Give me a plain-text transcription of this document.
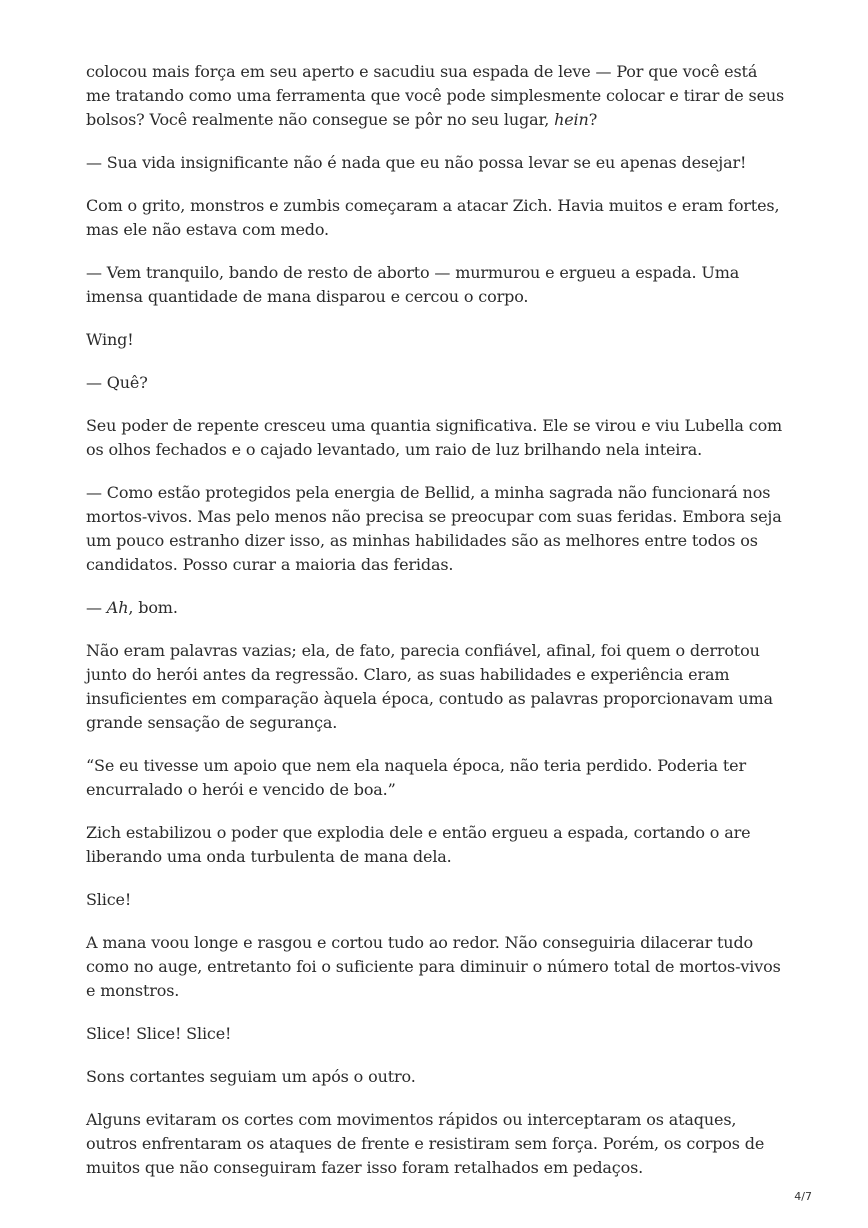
colocou mais força em seu aperto e sacudiu sua espada de leve — Por que você está me tratando como uma ferramenta que você pode simplesmente colocar e tirar de seus bolsos? Você realmente não consegue se pôr no seu lugar, hein?

— Sua vida insignificante não é nada que eu não possa levar se eu apenas desejar!

Com o grito, monstros e zumbis começaram a atacar Zich. Havia muitos e eram fortes, mas ele não estava com medo.

— Vem tranquilo, bando de resto de aborto — murmurou e ergueu a espada. Uma imensa quantidade de mana disparou e cercou o corpo.

Wing!

— Quê?

Seu poder de repente cresceu uma quantia significativa. Ele se virou e viu Lubella com os olhos fechados e o cajado levantado, um raio de luz brilhando nela inteira.

— Como estão protegidos pela energia de Bellid, a minha sagrada não funcionará nos mortos-vivos. Mas pelo menos não precisa se preocupar com suas feridas. Embora seja um pouco estranho dizer isso, as minhas habilidades são as melhores entre todos os candidatos. Posso curar a maioria das feridas.

— Ah, bom.

Não eram palavras vazias; ela, de fato, parecia confiável, afinal, foi quem o derrotou junto do herói antes da regressão. Claro, as suas habilidades e experiência eram insuficientes em comparação àquela época, contudo as palavras proporcionavam uma grande sensação de segurança.

“Se eu tivesse um apoio que nem ela naquela época, não teria perdido. Poderia ter encurralado o herói e vencido de boa.”

Zich estabilizou o poder que explodia dele e então ergueu a espada, cortando o are liberando uma onda turbulenta de mana dela.

Slice!

A mana voou longe e rasgou e cortou tudo ao redor. Não conseguiria dilacerar tudo como no auge, entretanto foi o suficiente para diminuir o número total de mortos-vivos e monstros.

Slice! Slice! Slice!

Sons cortantes seguiam um após o outro.

Alguns evitaram os cortes com movimentos rápidos ou interceptaram os ataques, outros enfrentaram os ataques de frente e resistiram sem força. Porém, os corpos de muitos que não conseguiram fazer isso foram retalhados em pedaços.

4/7
